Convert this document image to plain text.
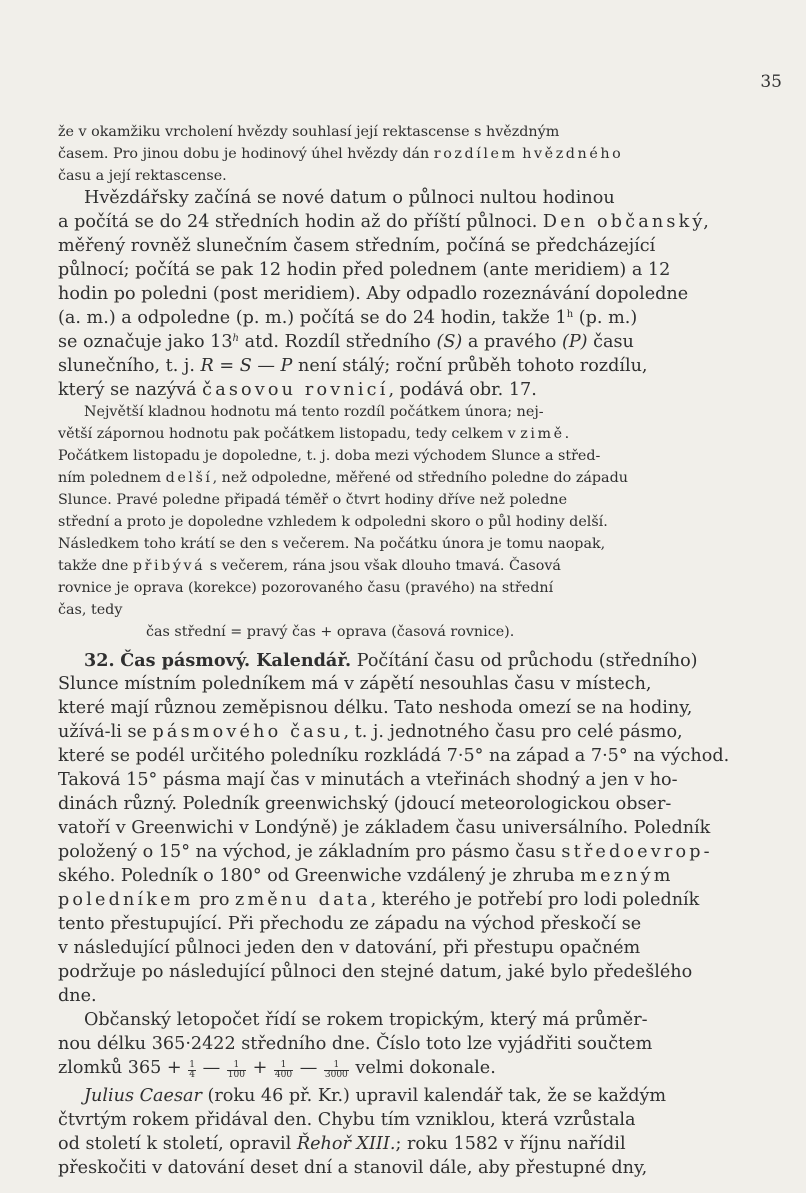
35
že v okamžiku vrcholení hvězdy souhlasí její rektascense s hvězdným
časem. Pro jinou dobu je hodinový úhel hvězdy dán rozdílem hvězdného
času a její rektascense.
Hvězdářsky začíná se nové datum o půlnoci nultou hodinou
a počítá se do 24 středních hodin až do příští půlnoci. Den občanský,
měřený rovněž slunečním časem středním, počíná se předcházející
půlnocí; počítá se pak 12 hodin před polednem (ante meridiem) a 12
hodin po poledni (post meridiem). Aby odpadlo rozeznávání dopoledne
(a. m.) a odpoledne (p. m.) počítá se do 24 hodin, takže 1$^h$ (p. m.)
se označuje jako 13$^h$ atd. Rozdíl středního (S) a pravého (P) času
slunečního, t. j. R = S — P není stálý; roční průběh tohoto rozdílu,
který se nazývá časovou rovnicí, podává obr. 17.
Největší kladnou hodnotu má tento rozdíl počátkem února; nej-
větší zápornou hodnotu pak počátkem listopadu, tedy celkem v zimě.
Počátkem listopadu je dopoledne, t. j. doba mezi východem Slunce a střed-
ním polednem delší, než odpoledne, měřené od středního poledne do západu
Slunce. Pravé poledne připadá téměř o čtvrt hodiny dříve než poledne
střední a proto je dopoledne vzhledem k odpoledni skoro o půl hodiny delší.
Následkem toho krátí se den s večerem. Na počátku února je tomu naopak,
takže dne přibývá s večerem, rána jsou však dlouho tmavá. Časová
rovnice je oprava (korekce) pozorovaného času (pravého) na střední
čas, tedy
čas střední = pravý čas + oprava (časová rovnice).
32. Čas pásmový. Kalendář. Počítání času od průchodu (středního)
Slunce místním poledníkem má v zápětí nesouhlas času v místech,
které mají různou zeměpisnou délku. Tato neshoda omezí se na hodiny,
užívá-li se pásmového času, t. j. jednotného času pro celé pásmo,
které se podél určitého poledníku rozkládá 7·5° na západ a 7·5° na východ.
Taková 15° pásma mají čas v minutách a vteřinách shodný a jen v ho-
dinách různý. Poledník greenwichský (jdoucí meteorologickou obser-
vatoří v Greenwichi v Londýně) je základem času universálního. Poledník
položený o 15° na východ, je základním pro pásmo času středoevrop-
ského. Poledník o 180° od Greenwiche vzdálený je zhruba mezným
poledníkem pro změnu data, kterého je potřebí pro lodi poledník
tento přestupující. Při přechodu ze západu na východ přeskočí se
v následující půlnoci jeden den v datování, při přestupu opačném
podržuje po následující půlnoci den stejné datum, jaké bylo předešlého
dne.
Občanský letopočet řídí se rokem tropickým, který má průměr-
nou délku 365·2422 středního dne. Číslo toto lze vyjádřiti součtem
zlomků $365 + \frac{1}{4}$ — $\frac{1}{100} + \frac{1}{400}$ — $\frac{1}{3000}$ velmi dokonale.
Julius Caesar (roku 46 př. Kr.) upravil kalendář tak, že se každým
čtvrtým rokem přidával den. Chybu tím vzniklou, která vzrůstala
od století k století, opravil Řehoř XIII.; roku 1582 v říjnu nařídil
přeskočiti v datování deset dní a stanovil dále, aby přestupné dny,
